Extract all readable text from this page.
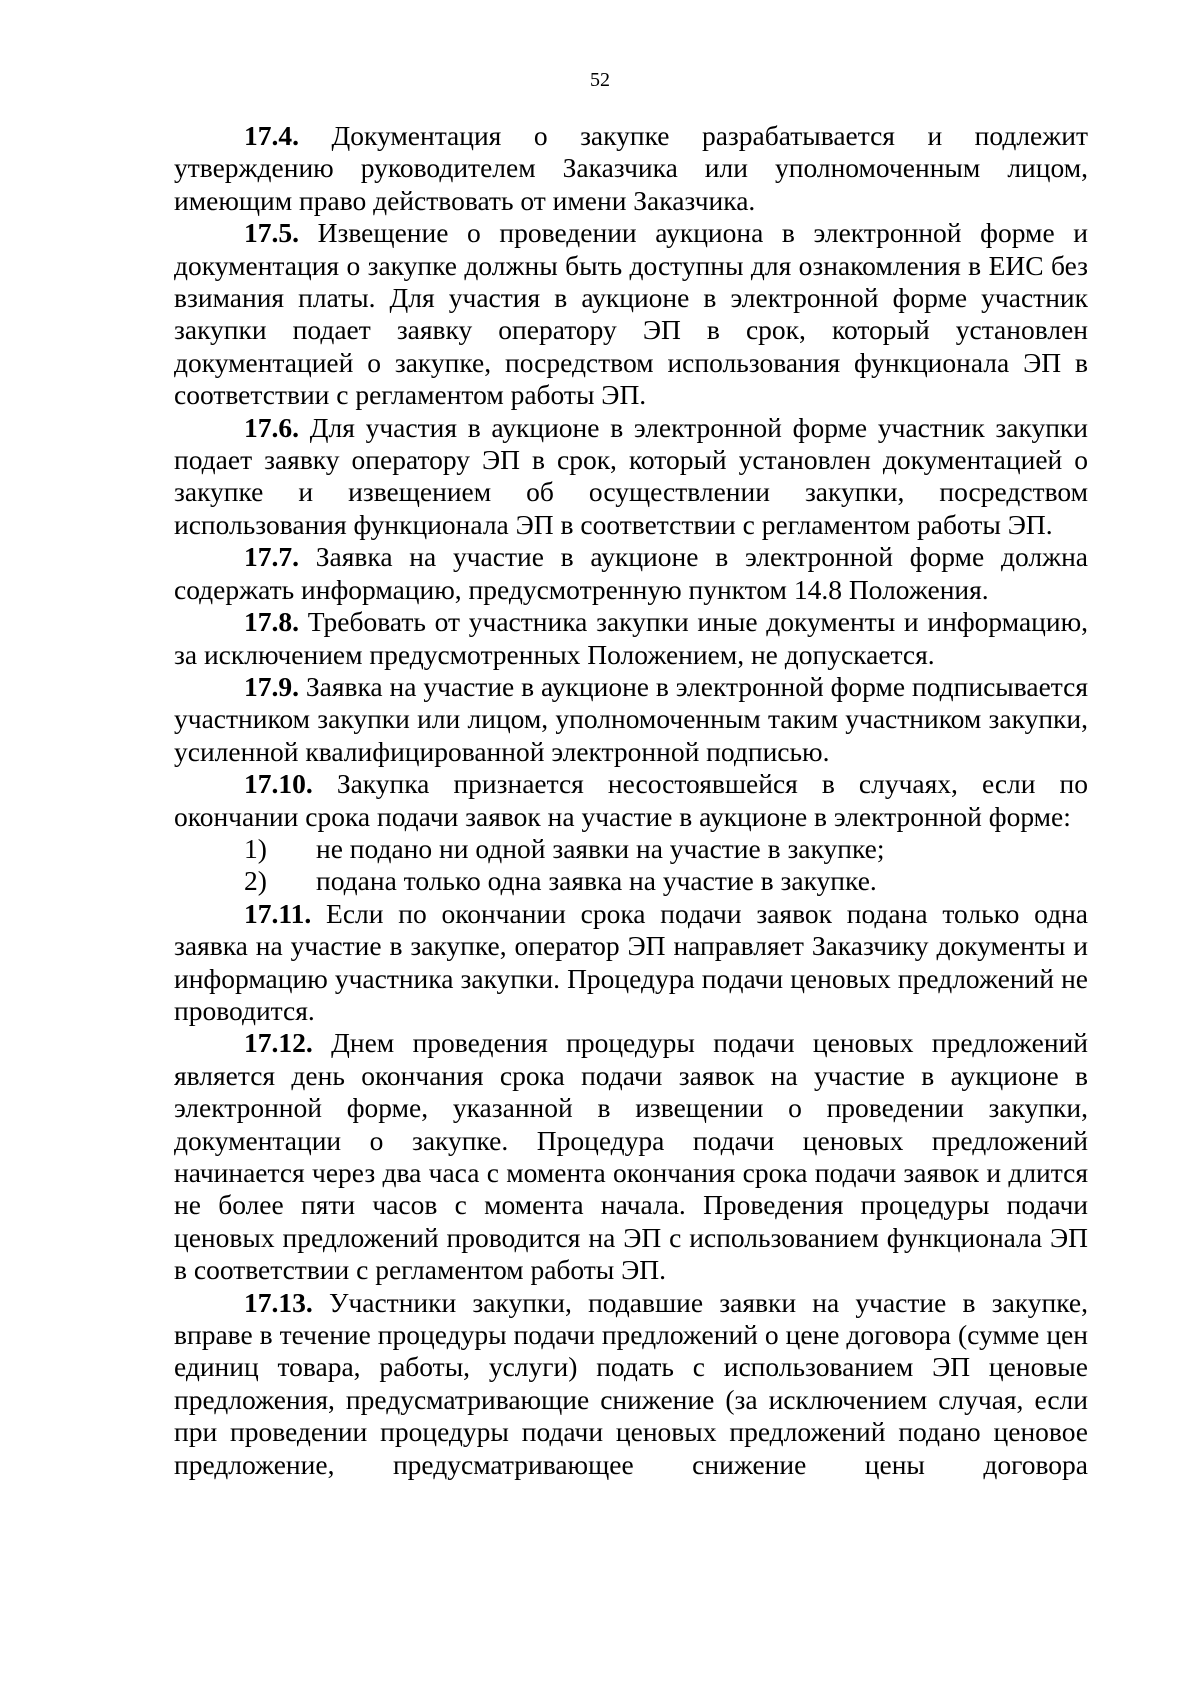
52

17.4. Документация о закупке разрабатывается и подлежит утверждению руководителем Заказчика или уполномоченным лицом, имеющим право действовать от имени Заказчика.

17.5. Извещение о проведении аукциона в электронной форме и документация о закупке должны быть доступны для ознакомления в ЕИС без взимания платы. Для участия в аукционе в электронной форме участник закупки подает заявку оператору ЭП в срок, который установлен документацией о закупке, посредством использования функционала ЭП в соответствии с регламентом работы ЭП.

17.6. Для участия в аукционе в электронной форме участник закупки подает заявку оператору ЭП в срок, который установлен документацией о закупке и извещением об осуществлении закупки, посредством использования функционала ЭП в соответствии с регламентом работы ЭП.

17.7. Заявка на участие в аукционе в электронной форме должна содержать информацию, предусмотренную пунктом 14.8 Положения.

17.8. Требовать от участника закупки иные документы и информацию, за исключением предусмотренных Положением, не допускается.

17.9. Заявка на участие в аукционе в электронной форме подписывается участником закупки или лицом, уполномоченным таким участником закупки, усиленной квалифицированной электронной подписью.

17.10. Закупка признается несостоявшейся в случаях, если по окончании срока подачи заявок на участие в аукционе в электронной форме:

1)	не подано ни одной заявки на участие в закупке;
2)	подана только одна заявка на участие в закупке.

17.11. Если по окончании срока подачи заявок подана только одна заявка на участие в закупке, оператор ЭП направляет Заказчику документы и информацию участника закупки. Процедура подачи ценовых предложений не проводится.

17.12. Днем проведения процедуры подачи ценовых предложений является день окончания срока подачи заявок на участие в аукционе в электронной форме, указанной в извещении о проведении закупки, документации о закупке. Процедура подачи ценовых предложений начинается через два часа с момента окончания срока подачи заявок и длится не более пяти часов с момента начала. Проведения процедуры подачи ценовых предложений проводится на ЭП с использованием функционала ЭП в соответствии с регламентом работы ЭП.

17.13. Участники закупки, подавшие заявки на участие в закупке, вправе в течение процедуры подачи предложений о цене договора (сумме цен единиц товара, работы, услуги) подать с использованием ЭП ценовые предложения, предусматривающие снижение (за исключением случая, если при проведении процедуры подачи ценовых предложений подано ценовое предложение, предусматривающее снижение цены договора
